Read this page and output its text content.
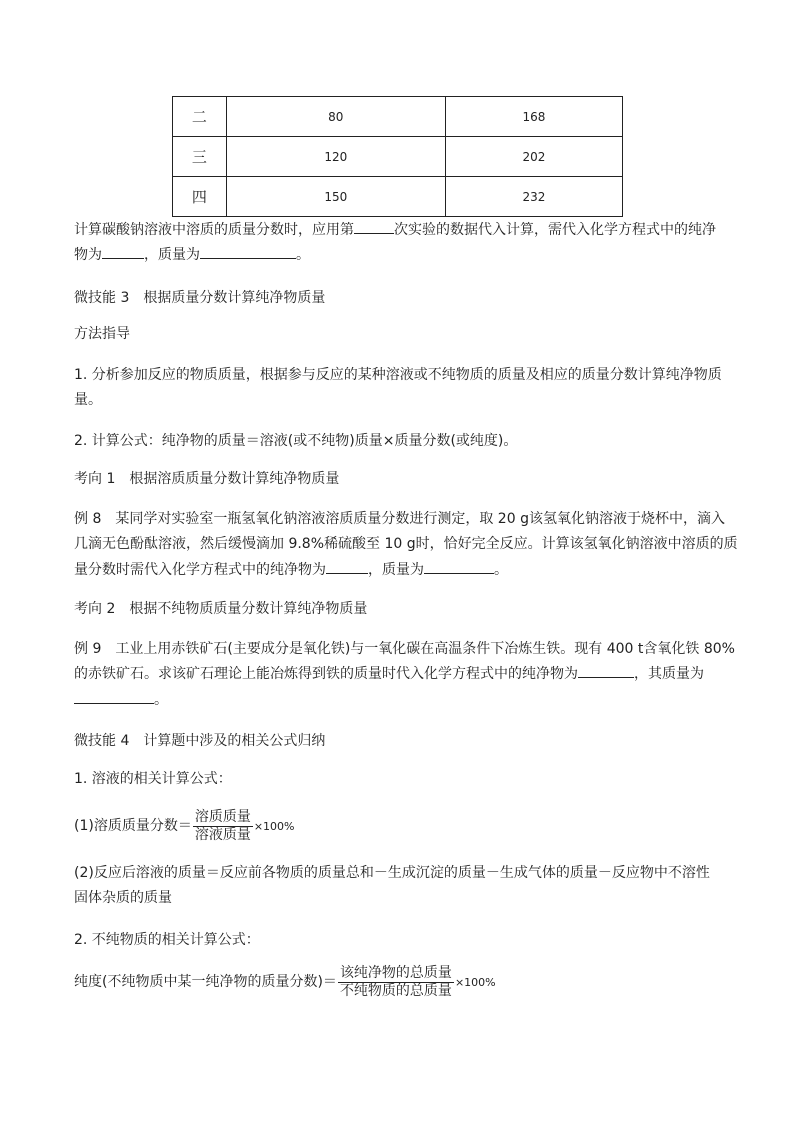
二	80	168
三	120	202
四	150	232
计算碳酸钠溶液中溶质的质量分数时，应用第	次实验的数据代入计算，需代入化学方程式中的纯净
物为	，质量为	。
微技能 3　根据质量分数计算纯净物质量
方法指导
1. 分析参加反应的物质质量，根据参与反应的某种溶液或不纯物质的质量及相应的质量分数计算纯净物质
量。
2. 计算公式：纯净物的质量＝溶液(或不纯物)质量×质量分数(或纯度)。
考向 1　根据溶质质量分数计算纯净物质量
例 8　某同学对实验室一瓶氢氧化钠溶液溶质质量分数进行测定，取 20 g该氢氧化钠溶液于烧杯中，滴入
几滴无色酚酞溶液，然后缓慢滴加 9.8%稀硫酸至 10 g时，恰好完全反应。计算该氢氧化钠溶液中溶质的质
量分数时需代入化学方程式中的纯净物为	，质量为	。
考向 2　根据不纯物质质量分数计算纯净物质量
例 9　工业上用赤铁矿石(主要成分是氧化铁)与一氧化碳在高温条件下冶炼生铁。现有 400 t含氧化铁 80%
的赤铁矿石。求该矿石理论上能冶炼得到铁的质量时代入化学方程式中的纯净物为	，其质量为
。
微技能 4　计算题中涉及的相关公式归纳
1. 溶液的相关计算公式：
(1)溶质质量分数＝ $\frac{\text{溶质质量}}{\text{溶液质量}} \times 100\%$
(2)反应后溶液的质量＝反应前各物质的质量总和－生成沉淀的质量－生成气体的质量－反应物中不溶性
固体杂质的质量
2. 不纯物质的相关计算公式：
纯度(不纯物质中某一纯净物的质量分数)＝ $\frac{\text{该纯净物的总质量}}{\text{不纯物质的总质量}} \times 100\%$
